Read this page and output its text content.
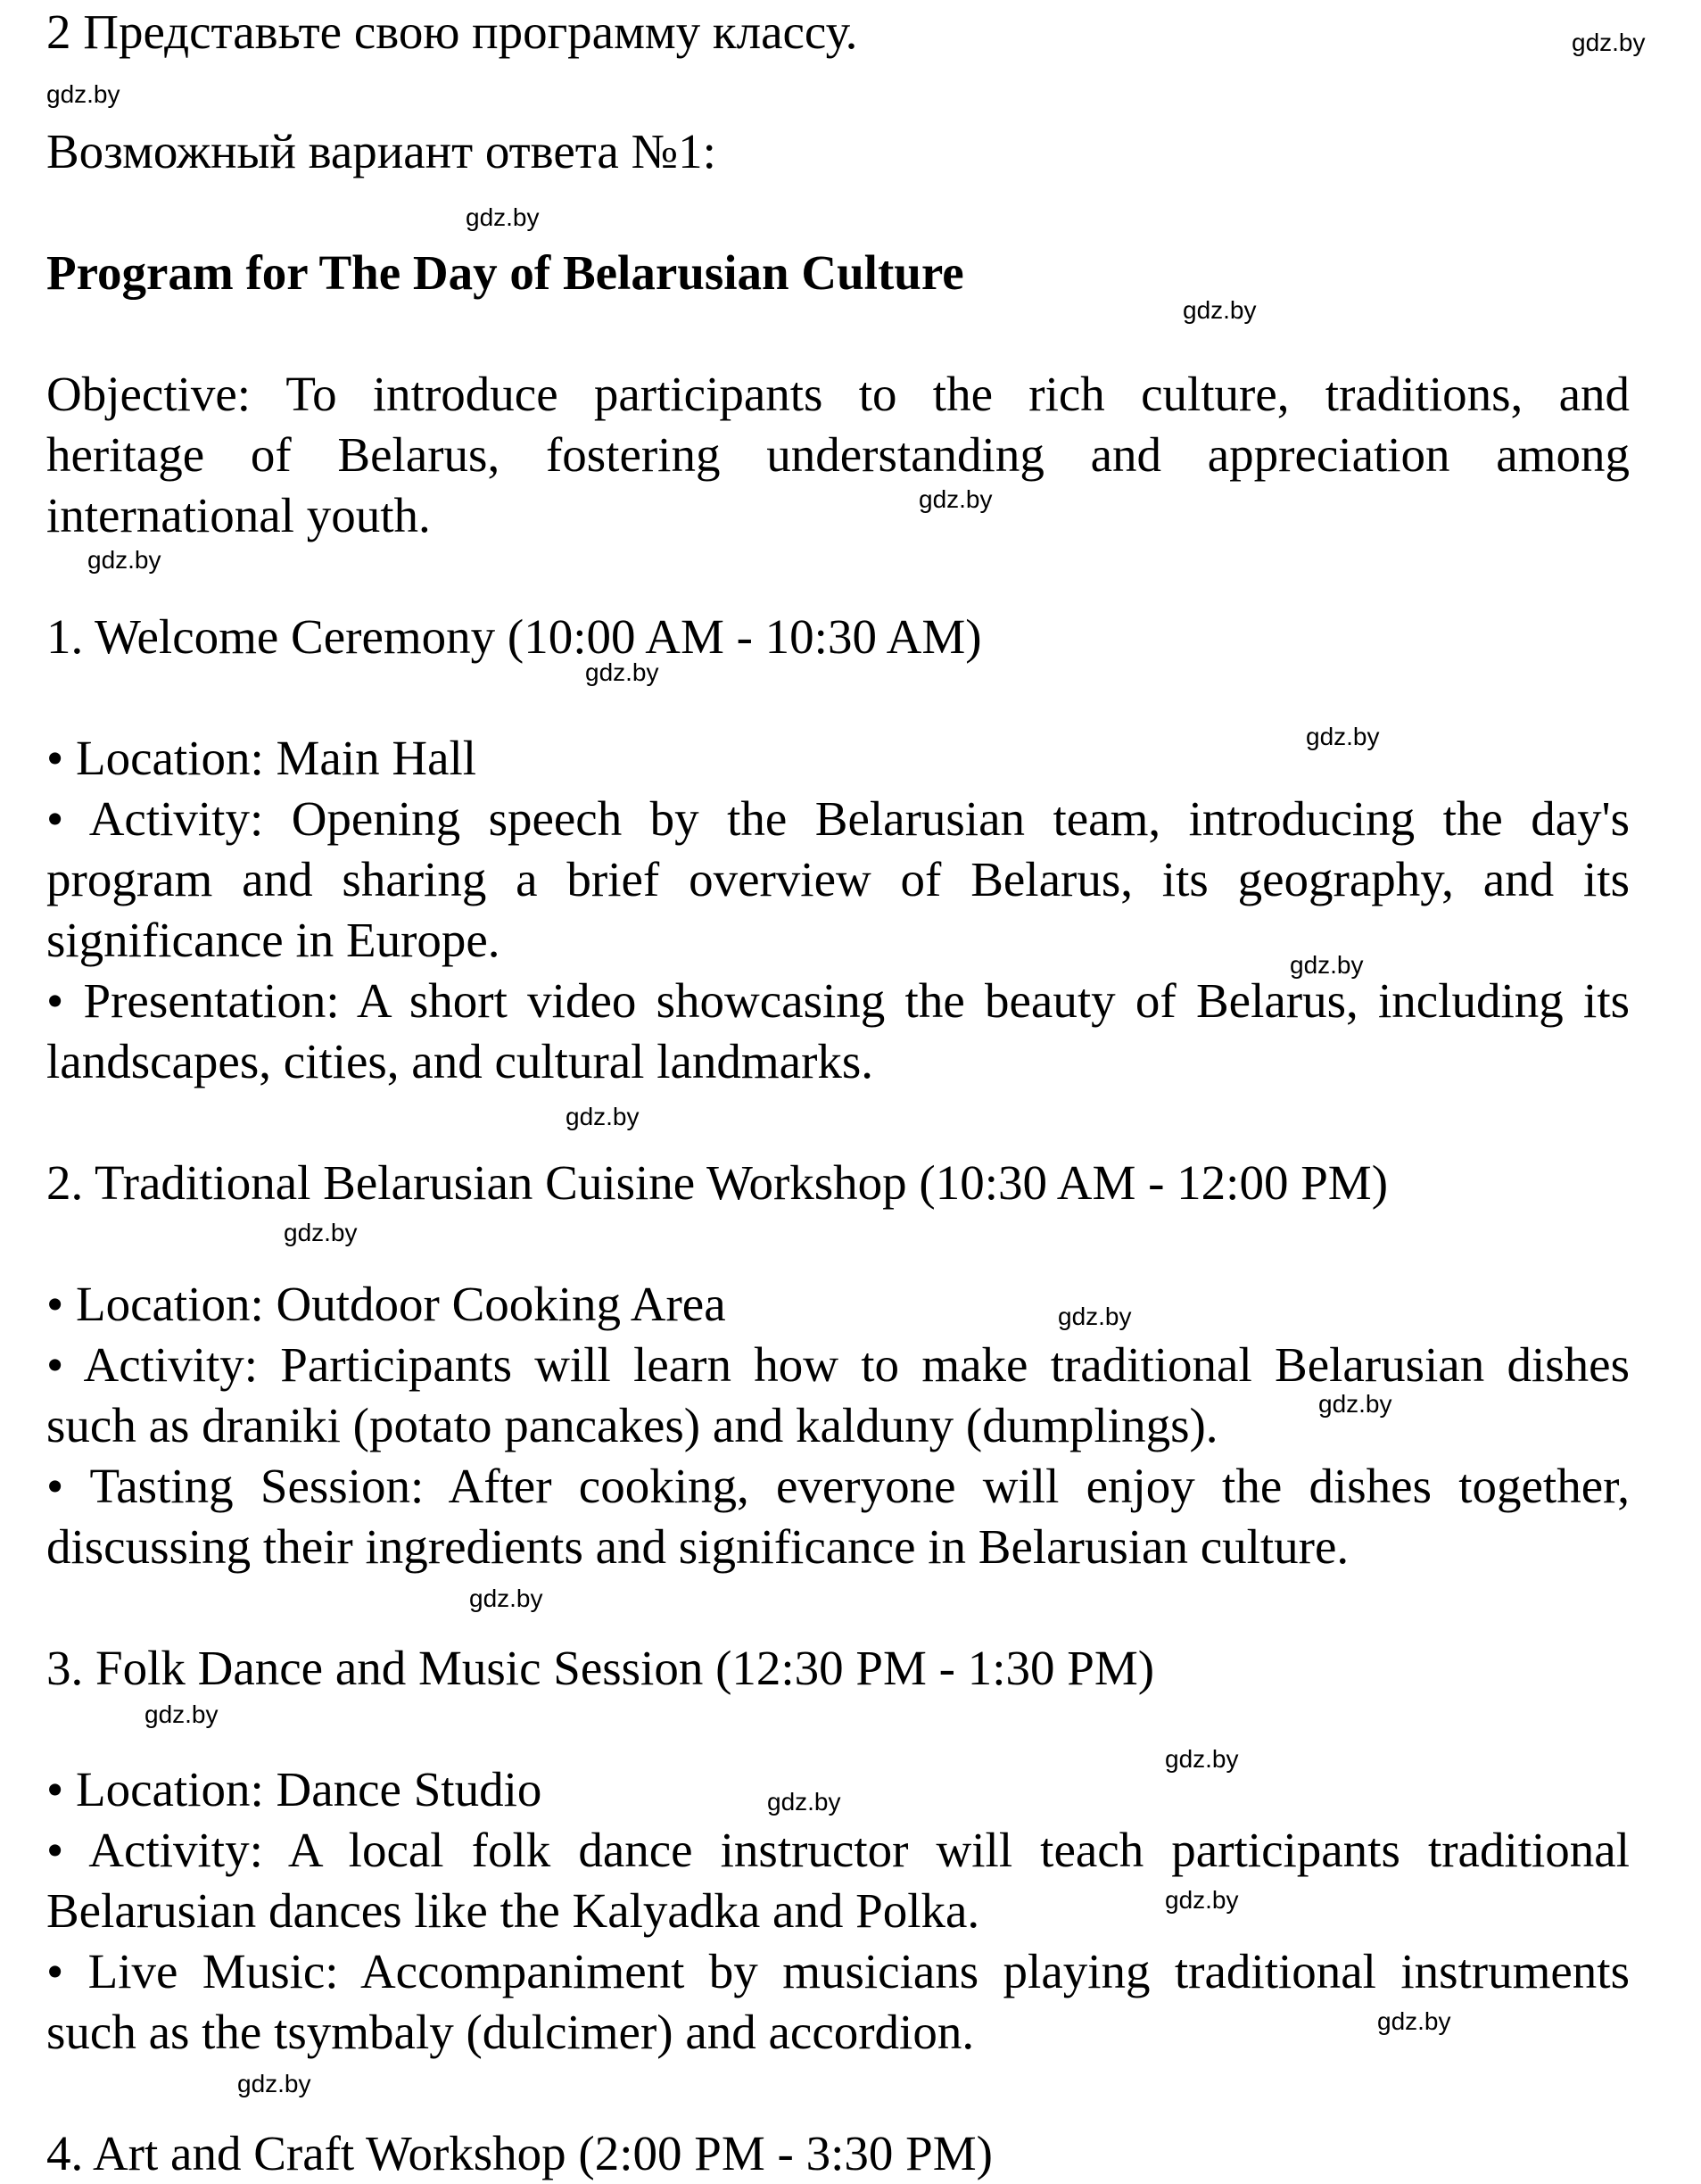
2 Представьте свою программу классу.
Возможный вариант ответа №1:
Program for The Day of Belarusian Culture
Objective: To introduce participants to the rich culture, traditions, and
heritage of Belarus, fostering understanding and appreciation among
international youth.
1. Welcome Ceremony (10:00 AM - 10:30 AM)
• Location: Main Hall
• Activity: Opening speech by the Belarusian team, introducing the day's
program and sharing a brief overview of Belarus, its geography, and its
significance in Europe.
• Presentation: A short video showcasing the beauty of Belarus, including its
landscapes, cities, and cultural landmarks.
2. Traditional Belarusian Cuisine Workshop (10:30 AM - 12:00 PM)
• Location: Outdoor Cooking Area
• Activity: Participants will learn how to make traditional Belarusian dishes
such as draniki (potato pancakes) and kalduny (dumplings).
• Tasting Session: After cooking, everyone will enjoy the dishes together,
discussing their ingredients and significance in Belarusian culture.
3. Folk Dance and Music Session (12:30 PM - 1:30 PM)
• Location: Dance Studio
• Activity: A local folk dance instructor will teach participants traditional
Belarusian dances like the Kalyadka and Polka.
• Live Music: Accompaniment by musicians playing traditional instruments
such as the tsymbaly (dulcimer) and accordion.
4. Art and Craft Workshop (2:00 PM - 3:30 PM)
gdz.by
gdz.by
gdz.by
gdz.by
gdz.by
gdz.by
gdz.by
gdz.by
gdz.by
gdz.by
gdz.by
gdz.by
gdz.by
gdz.by
gdz.by
gdz.by
gdz.by
gdz.by
gdz.by
gdz.by
